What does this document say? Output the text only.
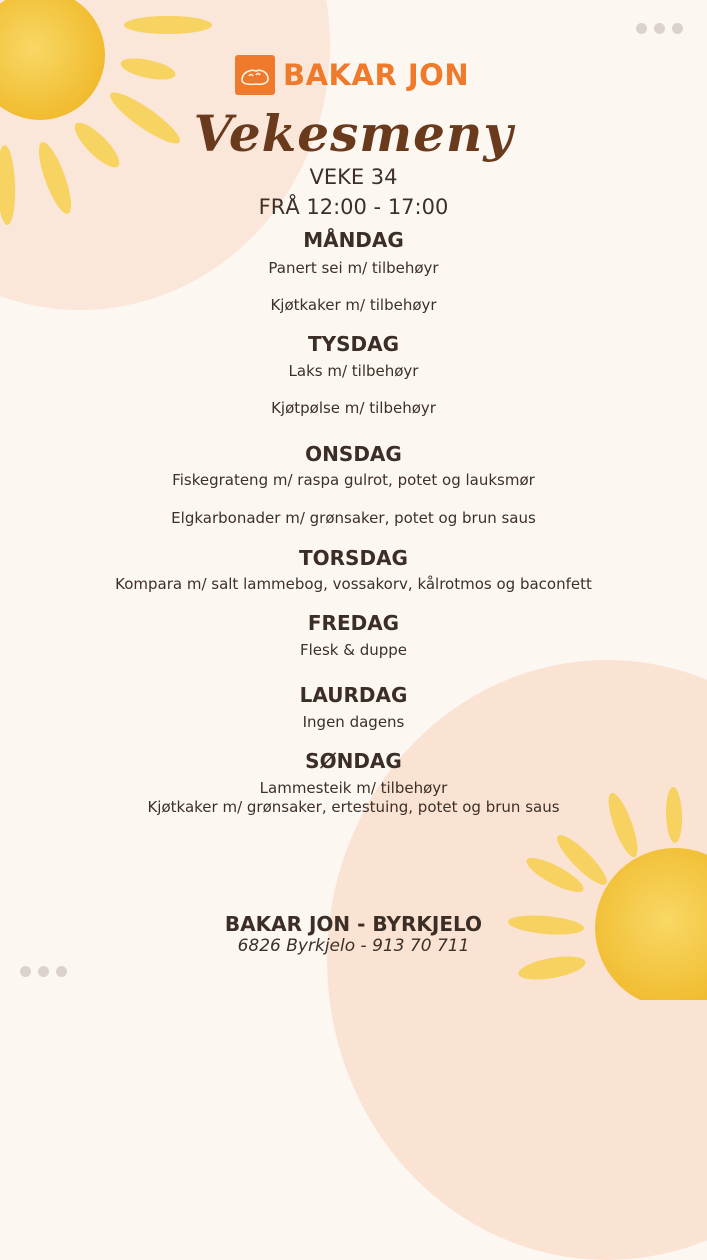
BAKAR JON
Vekesmeny
VEKE 34
FRÅ 12:00 - 17:00
MÅNDAG
Panert sei m/ tilbehøyr
Kjøtkaker m/ tilbehøyr
TYSDAG
Laks m/ tilbehøyr
Kjøtpølse m/ tilbehøyr
ONSDAG
Fiskegrateng m/ raspa gulrot, potet og lauksmør
Elgkarbonader m/ grønsaker, potet og brun saus
TORSDAG
Kompara m/ salt lammebog, vossakorv, kålrotmos og baconfett
FREDAG
Flesk & duppe
LAURDAG
Ingen dagens
SØNDAG
Lammesteik m/ tilbehøyr
Kjøtkaker m/ grønsaker, ertestuing, potet og brun saus
BAKAR JON - BYRKJELO
6826 Byrkjelo - 913 70 711
